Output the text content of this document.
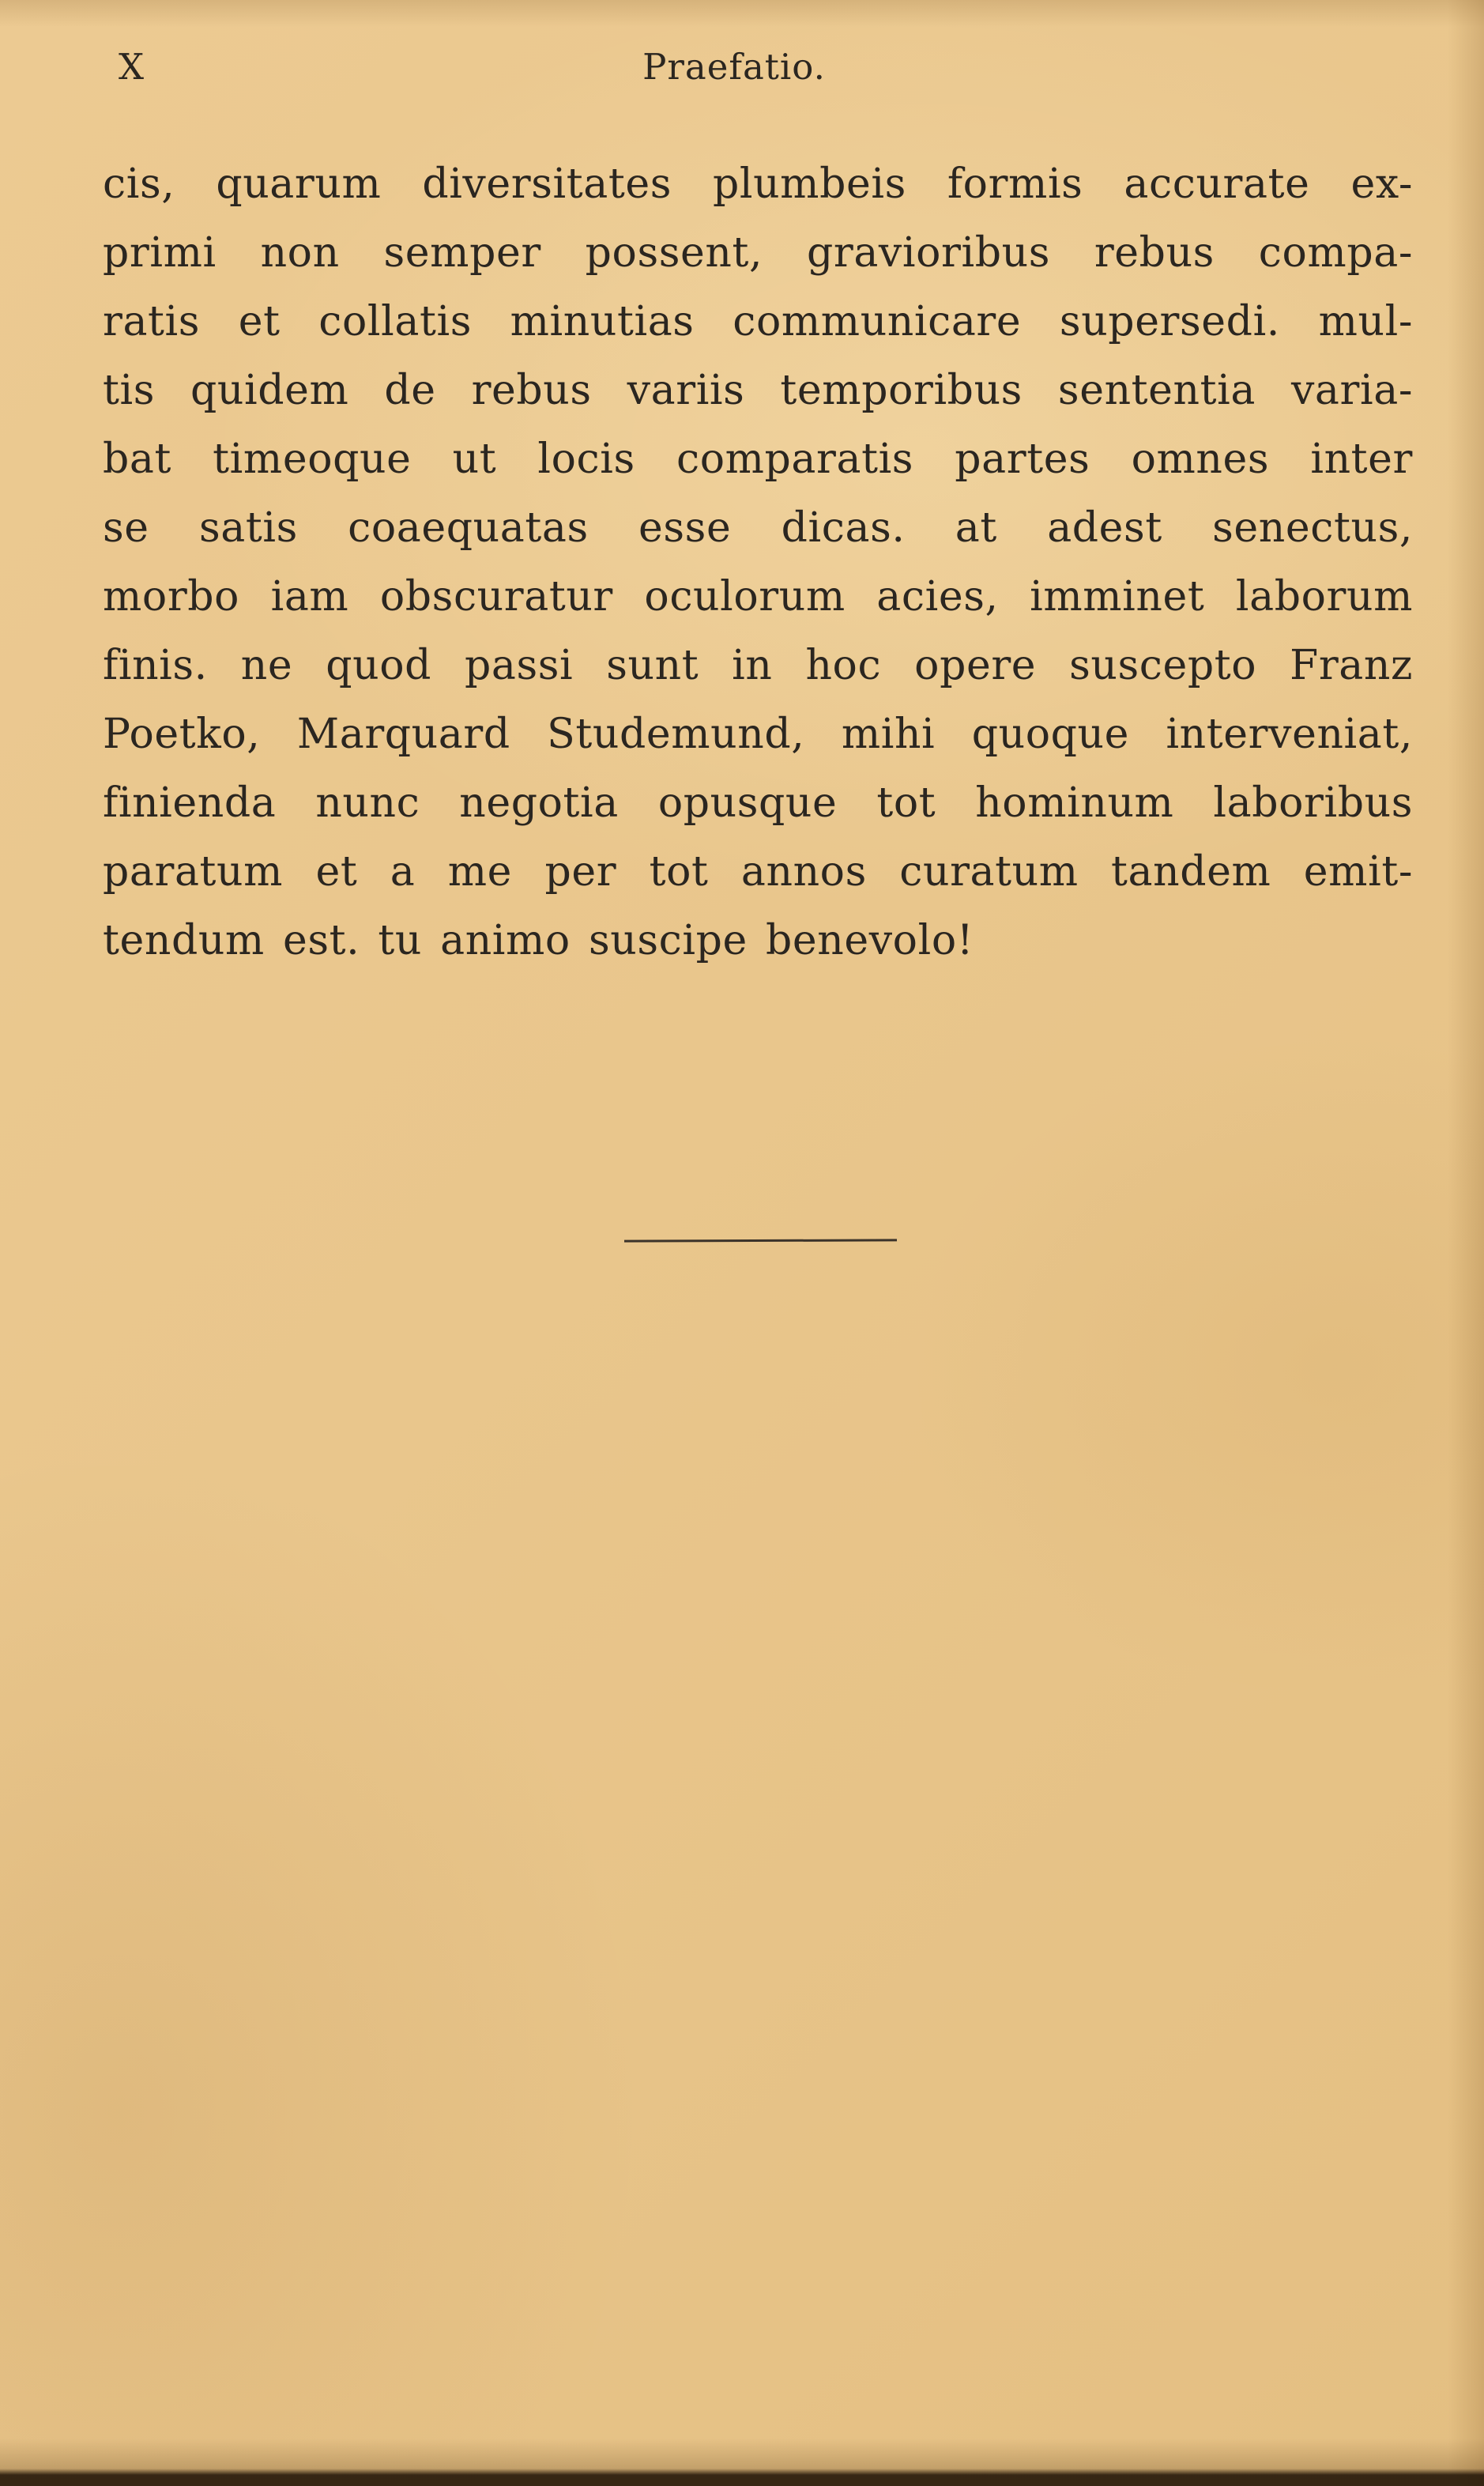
X	Praefatio.
cis, quarum diversitates plumbeis formis accurate ex-
primi non semper possent, gravioribus rebus compa-
ratis et collatis minutias communicare supersedi. mul-
tis quidem de rebus variis temporibus sententia varia-
bat timeoque ut locis comparatis partes omnes inter
se satis coaequatas esse dicas. at adest senectus,
morbo iam obscuratur oculorum acies, imminet laborum
finis. ne quod passi sunt in hoc opere suscepto Franz
Poetko, Marquard Studemund, mihi quoque interveniat,
finienda nunc negotia opusque tot hominum laboribus
paratum et a me per tot annos curatum tandem emit-
tendum est. tu animo suscipe benevolo!
